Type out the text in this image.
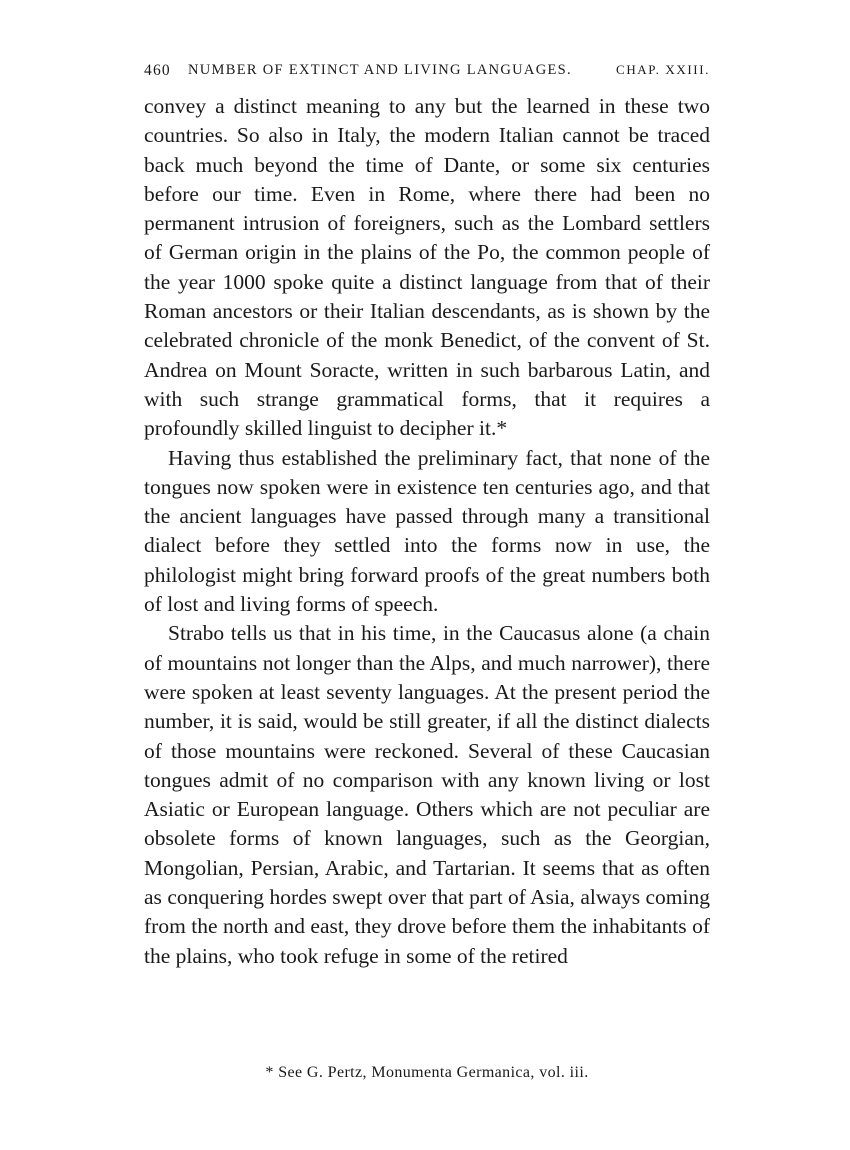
460 NUMBER OF EXTINCT AND LIVING LANGUAGES.	CHAP. XXIII.

convey a distinct meaning to any but the learned in these two countries. So also in Italy, the modern Italian cannot be traced back much beyond the time of Dante, or some six centuries before our time. Even in Rome, where there had been no permanent intrusion of foreigners, such as the Lombard settlers of German origin in the plains of the Po, the common people of the year 1000 spoke quite a distinct language from that of their Roman ancestors or their Italian descendants, as is shown by the celebrated chronicle of the monk Benedict, of the convent of St. Andrea on Mount Soracte, written in such barbarous Latin, and with such strange grammatical forms, that it requires a profoundly skilled linguist to decipher it.*

Having thus established the preliminary fact, that none of the tongues now spoken were in existence ten centuries ago, and that the ancient languages have passed through many a transitional dialect before they settled into the forms now in use, the philologist might bring forward proofs of the great numbers both of lost and living forms of speech.

Strabo tells us that in his time, in the Caucasus alone (a chain of mountains not longer than the Alps, and much narrower), there were spoken at least seventy languages. At the present period the number, it is said, would be still greater, if all the distinct dialects of those mountains were reckoned. Several of these Caucasian tongues admit of no comparison with any known living or lost Asiatic or European language. Others which are not peculiar are obsolete forms of known languages, such as the Georgian, Mongolian, Persian, Arabic, and Tartarian. It seems that as often as conquering hordes swept over that part of Asia, always coming from the north and east, they drove before them the inhabitants of the plains, who took refuge in some of the retired

* See G. Pertz, Monumenta Germanica, vol. iii.
